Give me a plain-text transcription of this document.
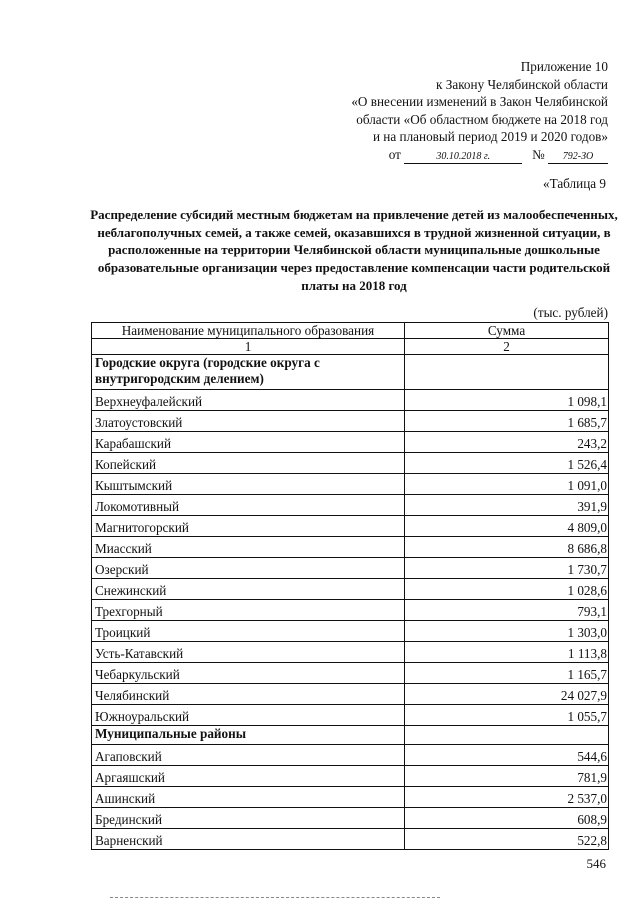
Приложение 10
к Закону Челябинской области
«О внесении изменений в Закон Челябинской
области «Об областном бюджете на 2018 год
и на плановый период 2019 и 2020 годов»
от	30.10.2018 г.	№ 792-ЗО
«Таблица 9
Распределение субсидий местным бюджетам на привлечение детей из малообеспеченных, неблагополучных семей, а также семей, оказавшихся в трудной жизненной ситуации, в расположенные на территории Челябинской области муниципальные дошкольные образовательные организации через предоставление компенсации части родительской платы на 2018 год
(тыс. рублей)
Наименование муниципального образования	Сумма
1	2
Городские округа (городские округа с внутригородским делением)	
Верхнеуфалейский	1 098,1
Златоустовский	1 685,7
Карабашский	243,2
Копейский	1 526,4
Кыштымский	1 091,0
Локомотивный	391,9
Магнитогорский	4 809,0
Миасский	8 686,8
Озерский	1 730,7
Снежинский	1 028,6
Трехгорный	793,1
Троицкий	1 303,0
Усть-Катавский	1 113,8
Чебаркульский	1 165,7
Челябинский	24 027,9
Южноуральский	1 055,7
Муниципальные районы	
Агаповский	544,6
Аргаяшский	781,9
Ашинский	2 537,0
Брединский	608,9
Варненский	522,8
546
